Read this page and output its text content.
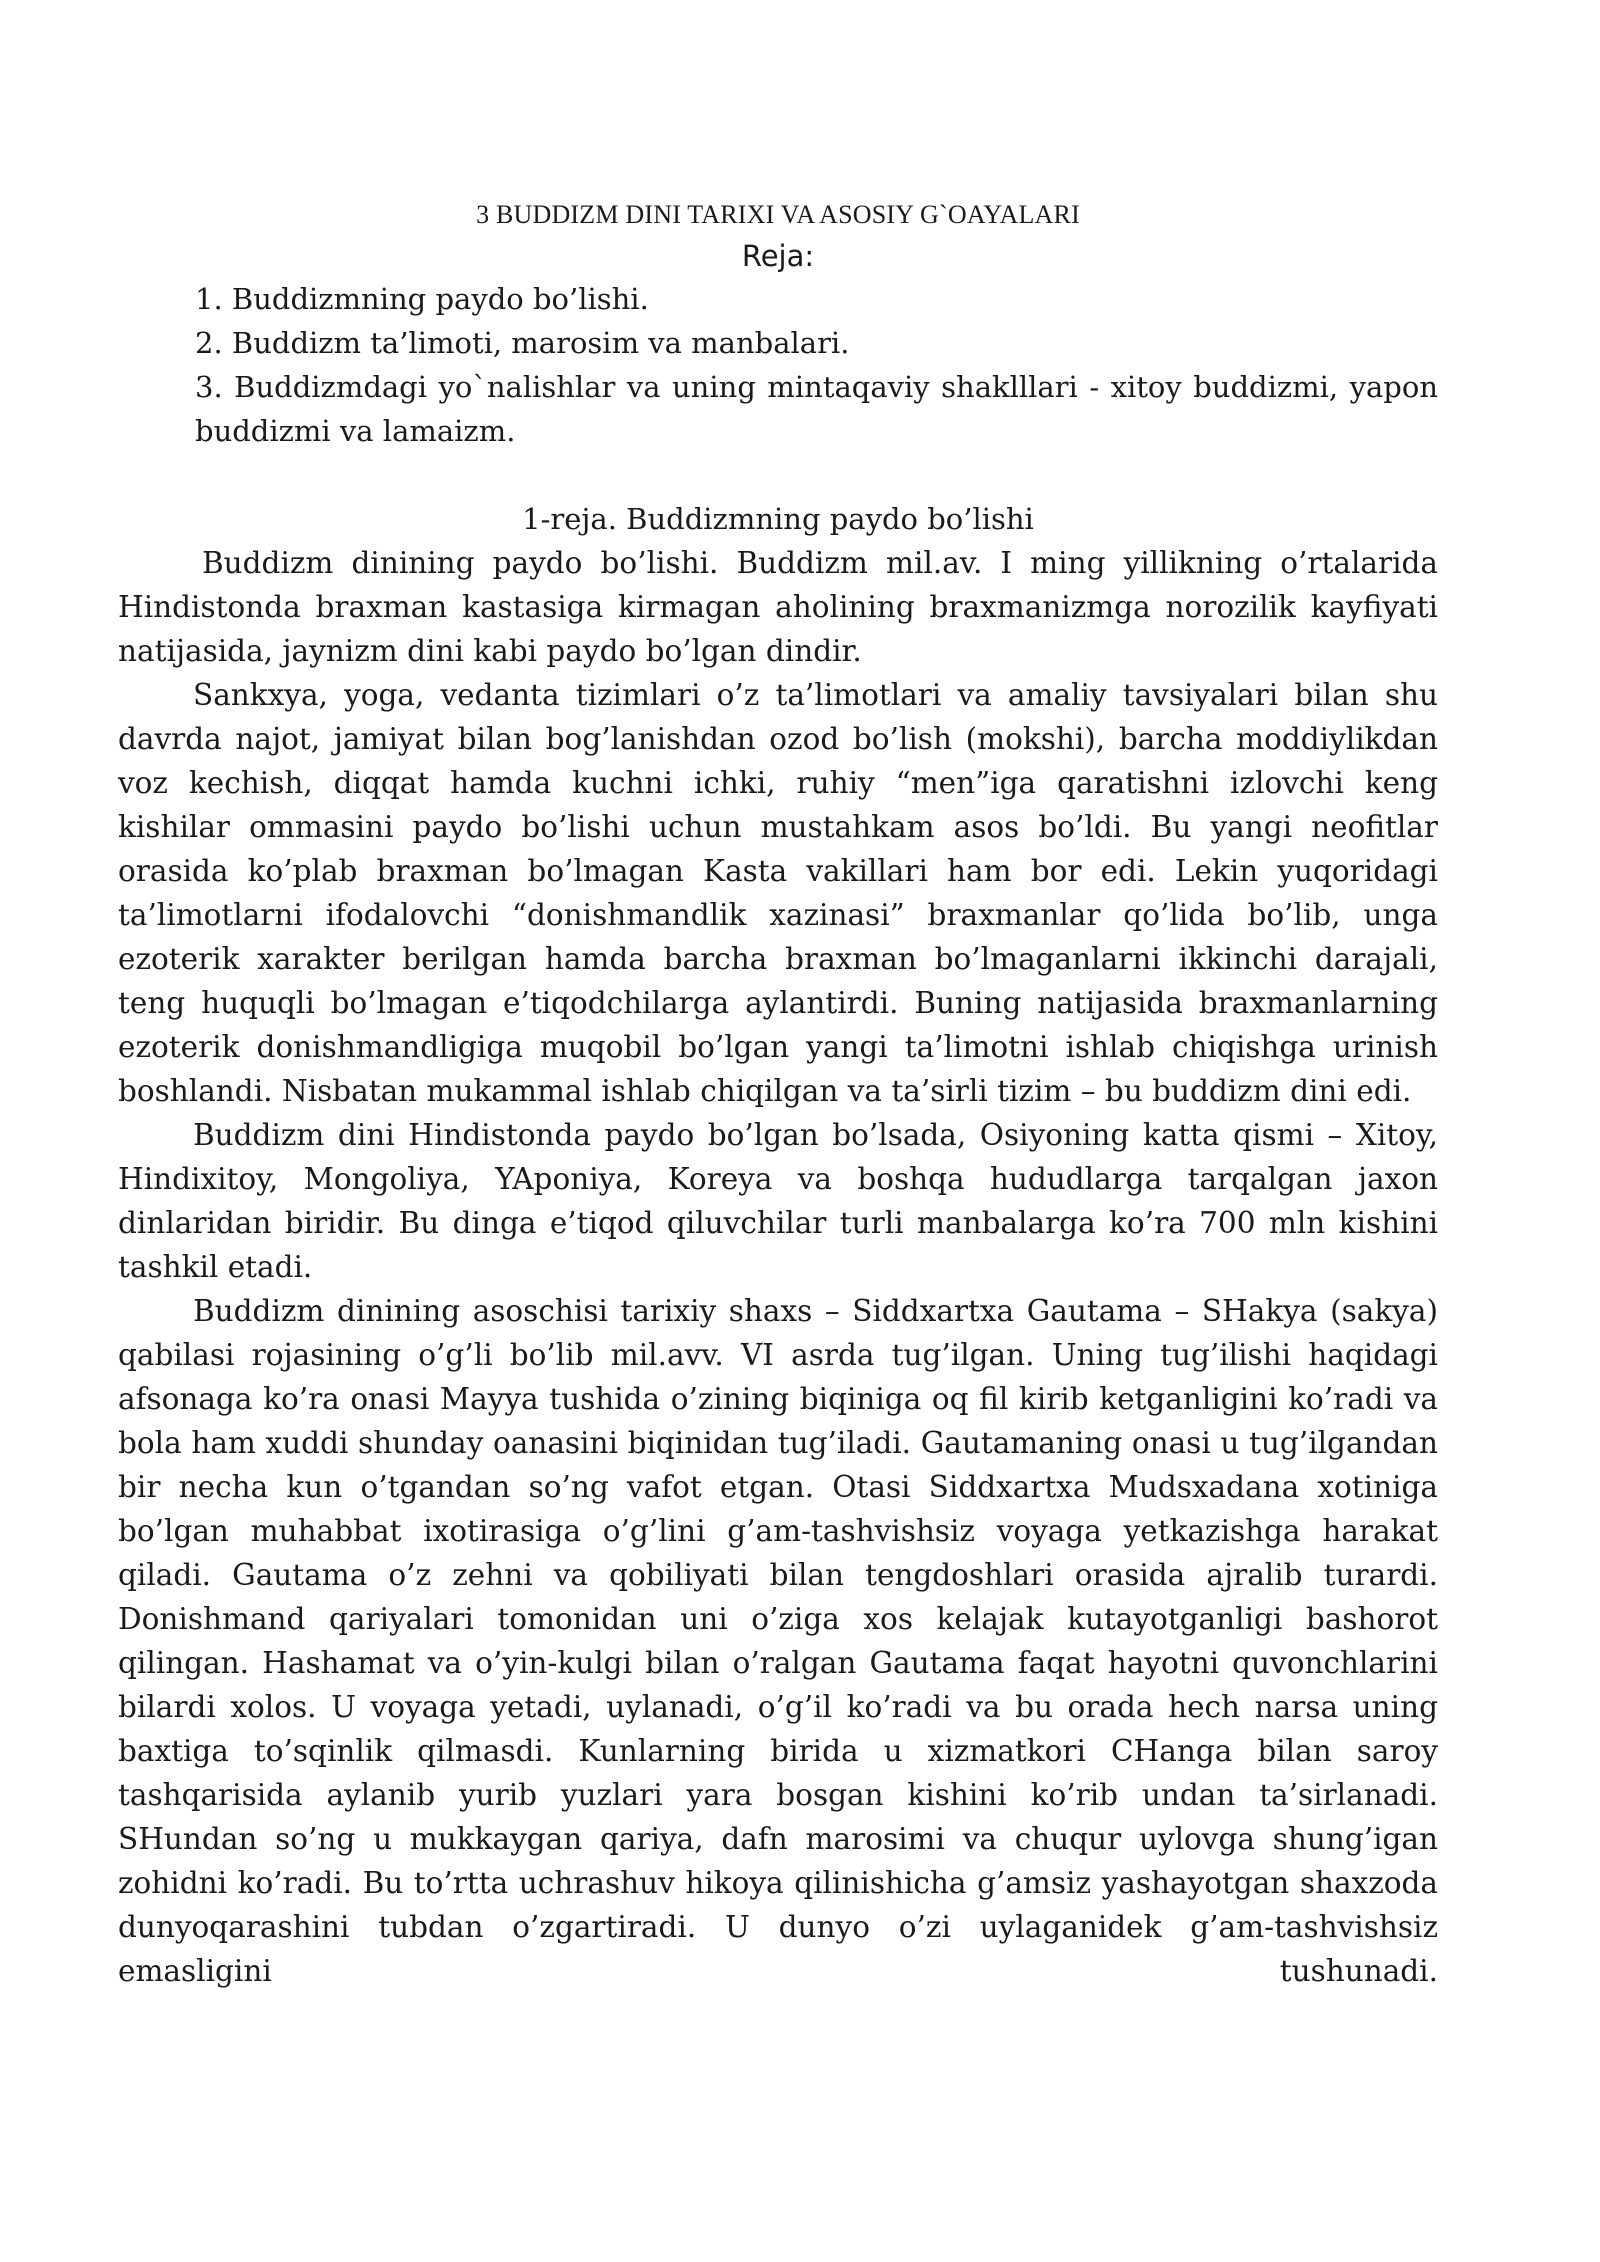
3 BUDDIZM DINI TARIXI VA ASOSIY G`OAYALARI

Reja:

1. Buddizmning paydo bo’lishi.
2. Buddizm ta’limoti, marosim va manbalari.
3. Buddizmdagi yo`nalishlar va uning mintaqaviy shaklllari - xitoy buddizmi, yapon buddizmi va lamaizm.
1-reja. Buddizmning paydo bo’lishi

Buddizm dinining paydo bo’lishi. Buddizm mil.av. I ming yillikning o’rtalarida Hindistonda braxman kastasiga kirmagan aholining braxmanizmga norozilik kayfiyati natijasida, jaynizm dini kabi paydo bo’lgan dindir.

Sankxya, yoga, vedanta tizimlari o’z ta’limotlari va amaliy tavsiyalari bilan shu davrda najot, jamiyat bilan bog’lanishdan ozod bo’lish (mokshi), barcha moddiylikdan voz kechish, diqqat hamda kuchni ichki, ruhiy “men”iga qaratishni izlovchi keng kishilar ommasini paydo bo’lishi uchun mustahkam asos bo’ldi. Bu yangi neofitlar orasida ko’plab braxman bo’lmagan Kasta vakillari ham bor edi. Lekin yuqoridagi ta’limotlarni ifodalovchi “donishmandlik xazinasi” braxmanlar qo’lida bo’lib, unga ezoterik xarakter berilgan hamda barcha braxman bo’lmaganlarni ikkinchi darajali, teng huquqli bo’lmagan e’tiqodchilarga aylantirdi. Buning natijasida braxmanlarning ezoterik donishmandligiga muqobil bo’lgan yangi ta’limotni ishlab chiqishga urinish boshlandi. Nisbatan mukammal ishlab chiqilgan va ta’sirli tizim – bu buddizm dini edi.

Buddizm dini Hindistonda paydo bo’lgan bo’lsada, Osiyoning katta qismi – Xitoy, Hindixitoy, Mongoliya, YAponiya, Koreya va boshqa hududlarga tarqalgan jaxon dinlaridan biridir. Bu dinga e’tiqod qiluvchilar turli manbalarga ko’ra 700 mln kishini tashkil etadi.

Buddizm dinining asoschisi tarixiy shaxs – Siddxartxa Gautama – SHakya (sakya) qabilasi rojasining o’g’li bo’lib mil.avv. VI asrda tug’ilgan. Uning tug’ilishi haqidagi afsonaga ko’ra onasi Mayya tushida o’zining biqiniga oq fil kirib ketganligini ko’radi va bola ham xuddi shunday oanasini biqinidan tug’iladi. Gautamaning onasi u tug’ilgandan bir necha kun o’tgandan so’ng vafot etgan. Otasi Siddxartxa Mudsxadana xotiniga bo’lgan muhabbat ixotirasiga o’g’lini g’am-tashvishsiz voyaga yetkazishga harakat qiladi. Gautama o’z zehni va qobiliyati bilan tengdoshlari orasida ajralib turardi. Donishmand qariyalari tomonidan uni o’ziga xos kelajak kutayotganligi bashorot qilingan. Hashamat va o’yin-kulgi bilan o’ralgan Gautama faqat hayotni quvonchlarini bilardi xolos. U voyaga yetadi, uylanadi, o’g’il ko’radi va bu orada hech narsa uning baxtiga to’sqinlik qilmasdi. Kunlarning birida u xizmatkori CHanga bilan saroy tashqarisida aylanib yurib yuzlari yara bosgan kishini ko’rib undan ta’sirlanadi. SHundan so’ng u mukkaygan qariya, dafn marosimi va chuqur uylovga shung’igan zohidni ko’radi. Bu to’rtta uchrashuv hikoya qilinishicha g’amsiz yashayotgan shaxzoda dunyoqarashini tubdan o’zgartiradi. U dunyo o’zi uylaganidek g’am-tashvishsiz emasligini tushunadi.
